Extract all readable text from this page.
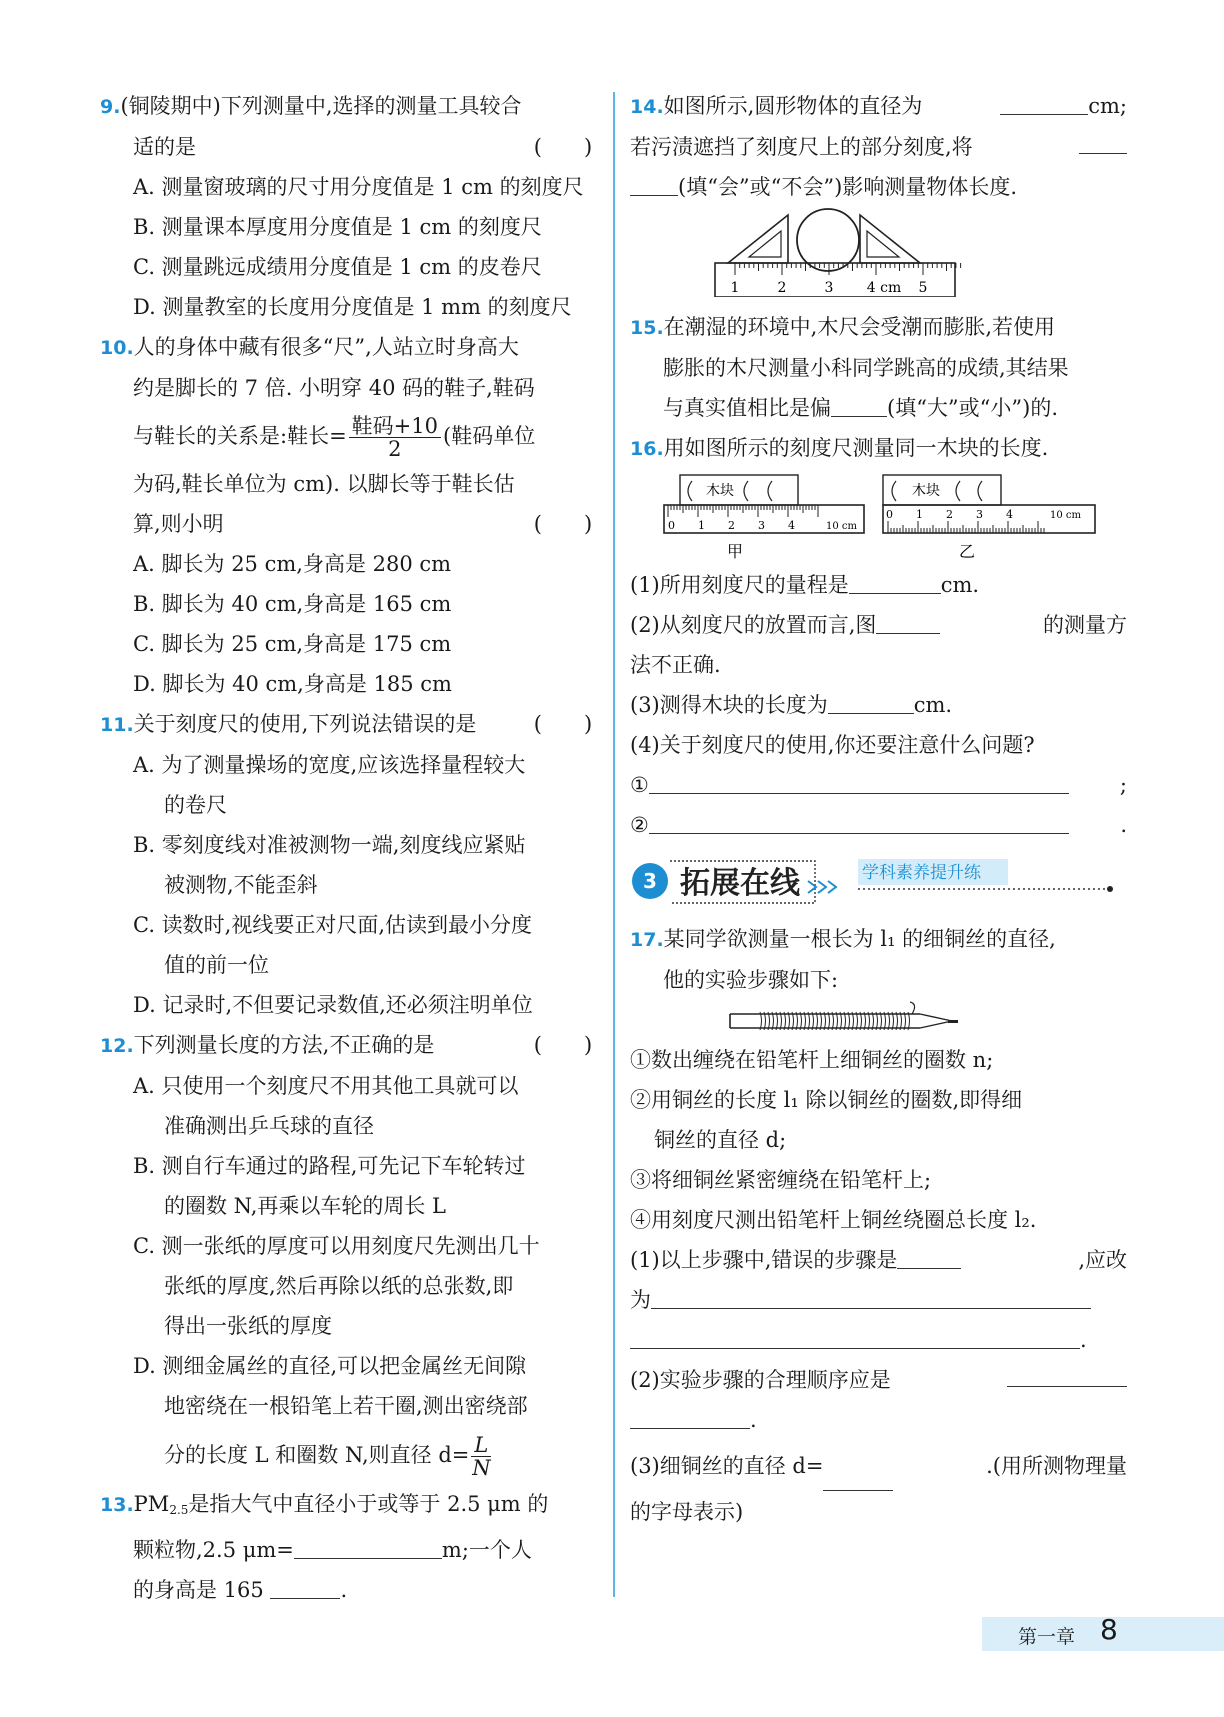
9.(铜陵期中)下列测量中,选择的测量工具较合
适的是	(　　)
A. 测量窗玻璃的尺寸用分度值是 1 cm 的刻度尺
B. 测量课本厚度用分度值是 1 cm 的刻度尺
C. 测量跳远成绩用分度值是 1 cm 的皮卷尺
D. 测量教室的长度用分度值是 1 mm 的刻度尺
10.人的身体中藏有很多“尺”,人站立时身高大
约是脚长的 7 倍. 小明穿 40 码的鞋子,鞋码
与鞋长的关系是:鞋长= $\frac{\text{鞋码+10}}{2}$ (鞋码单位
为码,鞋长单位为 cm). 以脚长等于鞋长估
算,则小明	(　　)
A. 脚长为 25 cm,身高是 280 cm
B. 脚长为 40 cm,身高是 165 cm
C. 脚长为 25 cm,身高是 175 cm
D. 脚长为 40 cm,身高是 185 cm
11.关于刻度尺的使用,下列说法错误的是	(　　)
A. 为了测量操场的宽度,应该选择量程较大
的卷尺
B. 零刻度线对准被测物一端,刻度线应紧贴
被测物,不能歪斜
C. 读数时,视线要正对尺面,估读到最小分度
值的前一位
D. 记录时,不但要记录数值,还必须注明单位
12.下列测量长度的方法,不正确的是	(　　)
A. 只使用一个刻度尺不用其他工具就可以
准确测出乒乓球的直径
B. 测自行车通过的路程,可先记下车轮转过
的圈数 N,再乘以车轮的周长 L
C. 测一张纸的厚度可以用刻度尺先测出几十
张纸的厚度,然后再除以纸的总张数,即
得出一张纸的厚度
D. 测细金属丝的直径,可以把金属丝无间隙
地密绕在一根铅笔上若干圈,测出密绕部
分的长度 L 和圈数 N,则直径 $d= \frac{L}{N}$
$13.PM_{2.5}$是指大气中直径小于或等于 2.5 μm 的
颗粒物,2.5 μm=	m;一个人
的身高是 165	.
14.如图所示,圆形物体的直径为	cm;
若污渍遮挡了刻度尺上的部分刻度,将
(填“会”或“不会”)影响测量物体长度.
1	2	3 4 cm 5
15.在潮湿的环境中,木尺会受潮而膨胀,若使用
膨胀的木尺测量小科同学跳高的成绩,其结果
与真实值相比是偏	(填“大”或“小”)的.
16.用如图所示的刻度尺测量同一木块的长度.
木块
0 1 2 3 4	10 cm
甲
木块
0 1 2 3 4	10 cm
乙
(1)所用刻度尺的量程是	cm.
(2)从刻度尺的放置而言,图	的测量方
法不正确.
(3)测得木块的长度为	cm.
(4)关于刻度尺的使用,你还要注意什么问题?
①	;
②	.
3 拓展在线	学科素养提升练
17.某同学欲测量一根长为 l₁ 的细铜丝的直径,
他的实验步骤如下:
①数出缠绕在铅笔杆上细铜丝的圈数 n;
②用铜丝的长度 l₁ 除以铜丝的圈数,即得细
铜丝的直径 d;
③将细铜丝紧密缠绕在铅笔杆上;
④用刻度尺测出铅笔杆上铜丝绕圈总长度 l₂.
(1)以上步骤中,错误的步骤是	,应改
为
.
(2)实验步骤的合理顺序应是
.
(3)细铜丝的直径 d=	.(用所测物理量
的字母表示)
第一章 8
